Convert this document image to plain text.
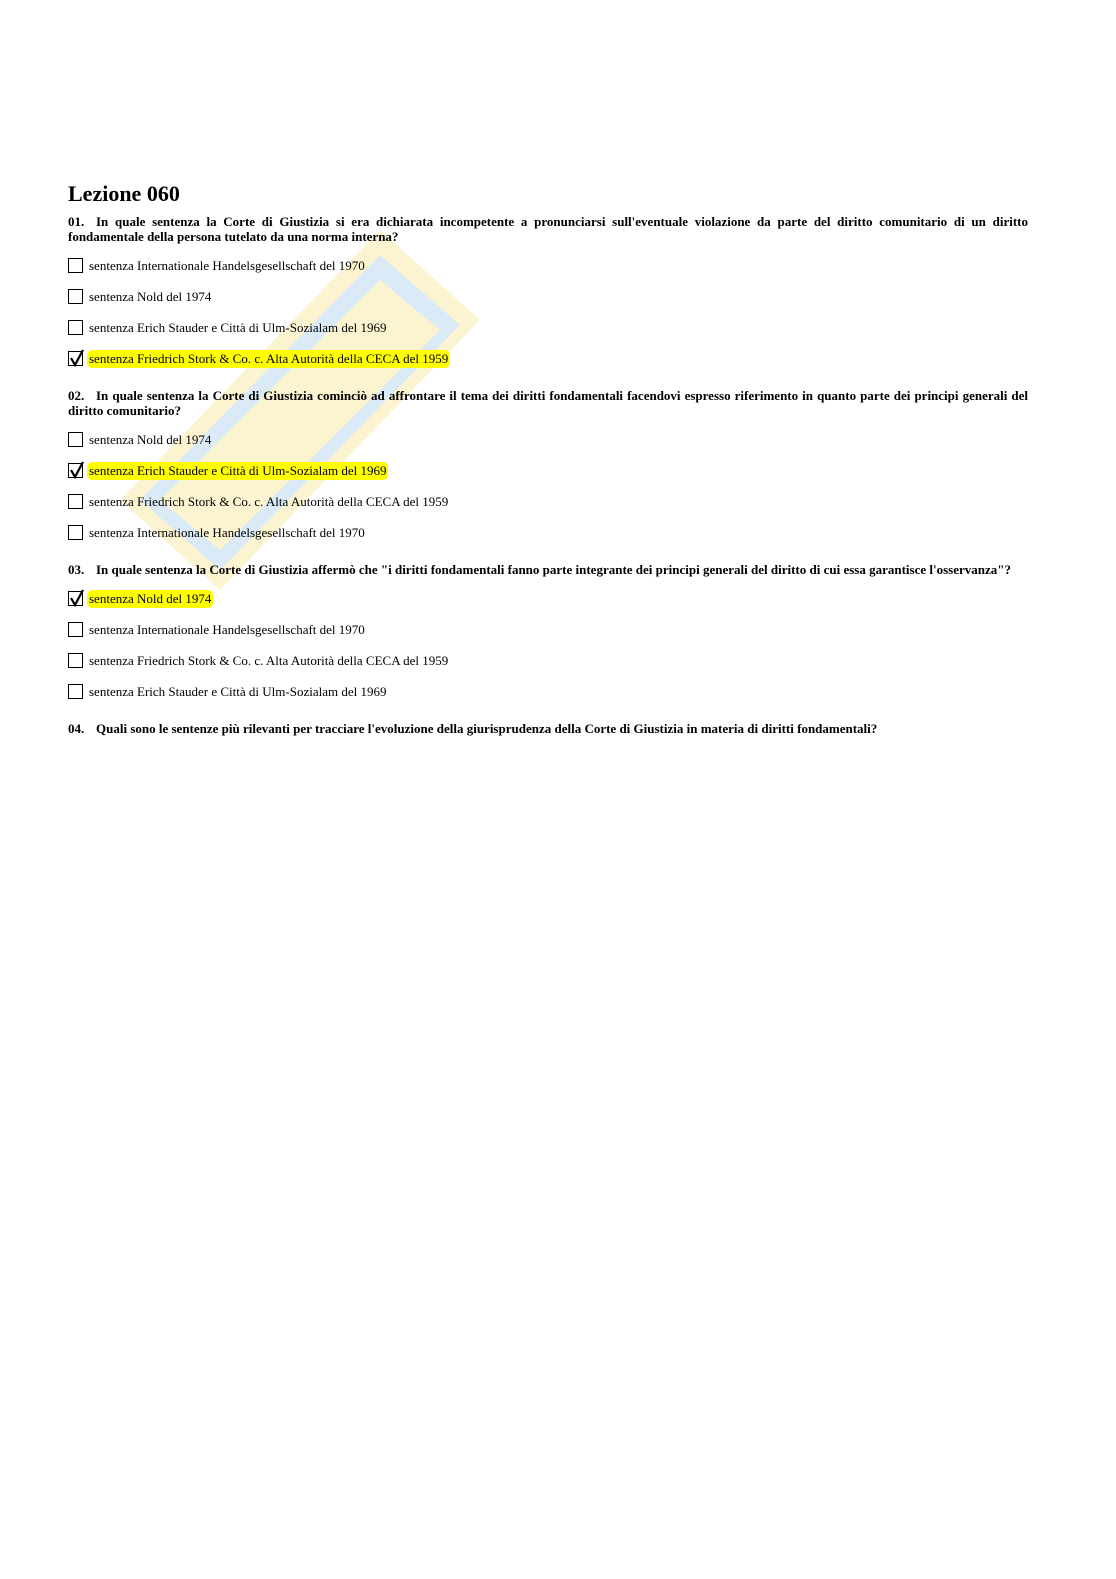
Lezione 060

01. In quale sentenza la Corte di Giustizia si era dichiarata incompetente a pronunciarsi sull'eventuale violazione da parte del diritto comunitario di un diritto fondamentale della persona tutelato da una norma interna?

sentenza Internationale Handelsgesellschaft del 1970
sentenza Nold del 1974
sentenza Erich Stauder e Città di Ulm-Sozialam del 1969
sentenza Friedrich Stork & Co. c. Alta Autorità della CECA del 1959

02. In quale sentenza la Corte di Giustizia cominciò ad affrontare il tema dei diritti fondamentali facendovi espresso riferimento in quanto parte dei principi generali del diritto comunitario?

sentenza Nold del 1974
sentenza Erich Stauder e Città di Ulm-Sozialam del 1969
sentenza Friedrich Stork & Co. c. Alta Autorità della CECA del 1959
sentenza Internationale Handelsgesellschaft del 1970

03. In quale sentenza la Corte di Giustizia affermò che "i diritti fondamentali fanno parte integrante dei principi generali del diritto di cui essa garantisce l'osservanza"?

sentenza Nold del 1974
sentenza Internationale Handelsgesellschaft del 1970
sentenza Friedrich Stork & Co. c. Alta Autorità della CECA del 1959
sentenza Erich Stauder e Città di Ulm-Sozialam del 1969

04. Quali sono le sentenze più rilevanti per tracciare l'evoluzione della giurisprudenza della Corte di Giustizia in materia di diritti fondamentali?
